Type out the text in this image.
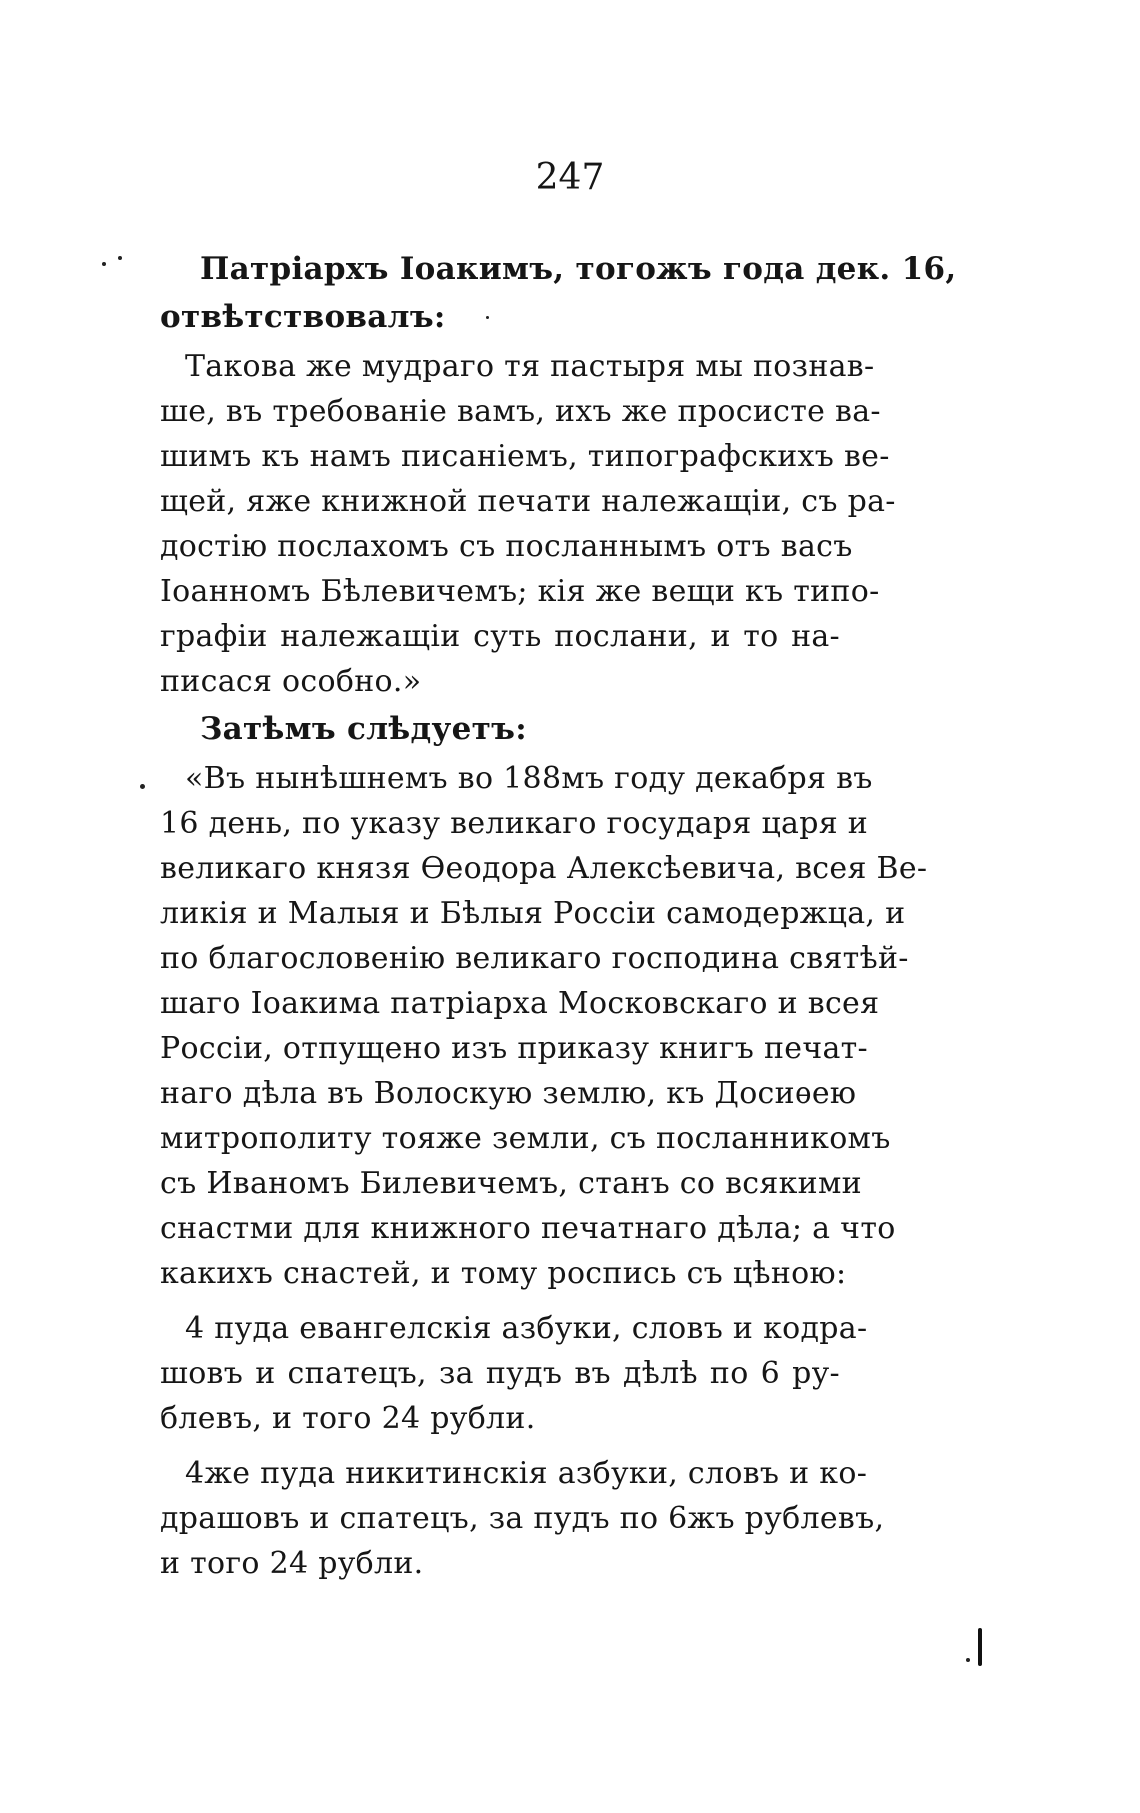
247
Патріархъ Іоакимъ, тогожъ года дек. 16,
отвѣтствовалъ:
Такова же мудраго тя пастыря мы познав-
ше, въ требованіе вамъ, ихъ же просисте ва-
шимъ къ намъ писаніемъ, типографскихъ ве-
щей, яже книжной печати належащіи, съ ра-
достію послахомъ съ посланнымъ отъ васъ
Іоанномъ Бѣлевичемъ; кія же вещи къ типо-
графіи належащіи суть послани, и то на-
писася особно.»
Затѣмъ слѣдуетъ:
«Въ нынѣшнемъ во 188мъ году декабря въ
16 день, по указу великаго государя царя и
великаго князя Ѳеодора Алексѣевича, всея Ве-
ликія и Малыя и Бѣлыя Россіи самодержца, и
по благословенію великаго господина святѣй-
шаго Іоакима патріарха Московскаго и всея
Россіи, отпущено изъ приказу книгъ печат-
наго дѣла въ Волоскую землю, къ Досиѳею
митрополиту тояже земли, съ посланникомъ
съ Иваномъ Билевичемъ, станъ со всякими
снастми для книжного печатнаго дѣла; а что
какихъ снастей, и тому роспись съ цѣною:
4 пуда евангелскія азбуки, словъ и кодра-
шовъ и спатецъ, за пудъ въ дѣлѣ по 6 ру-
блевъ, и того 24 рубли.
4же пуда никитинскія азбуки, словъ и ко-
драшовъ и спатецъ, за пудъ по 6жъ рублевъ,
и того 24 рубли.
